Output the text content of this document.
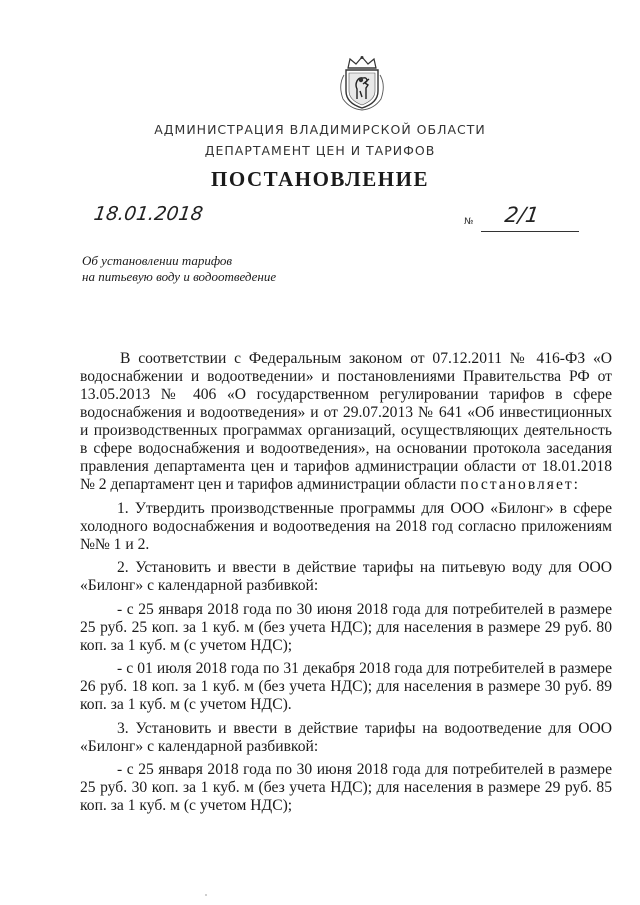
АДМИНИСТРАЦИЯ ВЛАДИМИРСКОЙ ОБЛАСТИ
ДЕПАРТАМЕНТ ЦЕН И ТАРИФОВ
ПОСТАНОВЛЕНИЕ
18.01.2018	№ 2/1
Об установлении тарифов
на питьевую воду и водоотведение

В соответствии с Федеральным законом от 07.12.2011 № 416-ФЗ «О водоснабжении и водоотведении» и постановлениями Правительства РФ от 13.05.2013 № 406 «О государственном регулировании тарифов в сфере водоснабжения и водоотведения» и от 29.07.2013 № 641 «Об инвестиционных и производственных программах организаций, осуществляющих деятельность в сфере водоснабжения и водоотведения», на основании протокола заседания правления департамента цен и тарифов администрации области от 18.01.2018 № 2 департамент цен и тарифов администрации области постановляет:

1. Утвердить производственные программы для ООО «Билонг» в сфере холодного водоснабжения и водоотведения на 2018 год согласно приложениям №№ 1 и 2.

2. Установить и ввести в действие тарифы на питьевую воду для ООО «Билонг» с календарной разбивкой:

- с 25 января 2018 года по 30 июня 2018 года для потребителей в размере 25 руб. 25 коп. за 1 куб. м (без учета НДС); для населения в размере 29 руб. 80 коп. за 1 куб. м (с учетом НДС);

- с 01 июля 2018 года по 31 декабря 2018 года для потребителей в размере 26 руб. 18 коп. за 1 куб. м (без учета НДС); для населения в размере 30 руб. 89 коп. за 1 куб. м (с учетом НДС).

3. Установить и ввести в действие тарифы на водоотведение для ООО «Билонг» с календарной разбивкой:

- с 25 января 2018 года по 30 июня 2018 года для потребителей в размере 25 руб. 30 коп. за 1 куб. м (без учета НДС); для населения в размере 29 руб. 85 коп. за 1 куб. м (с учетом НДС);
